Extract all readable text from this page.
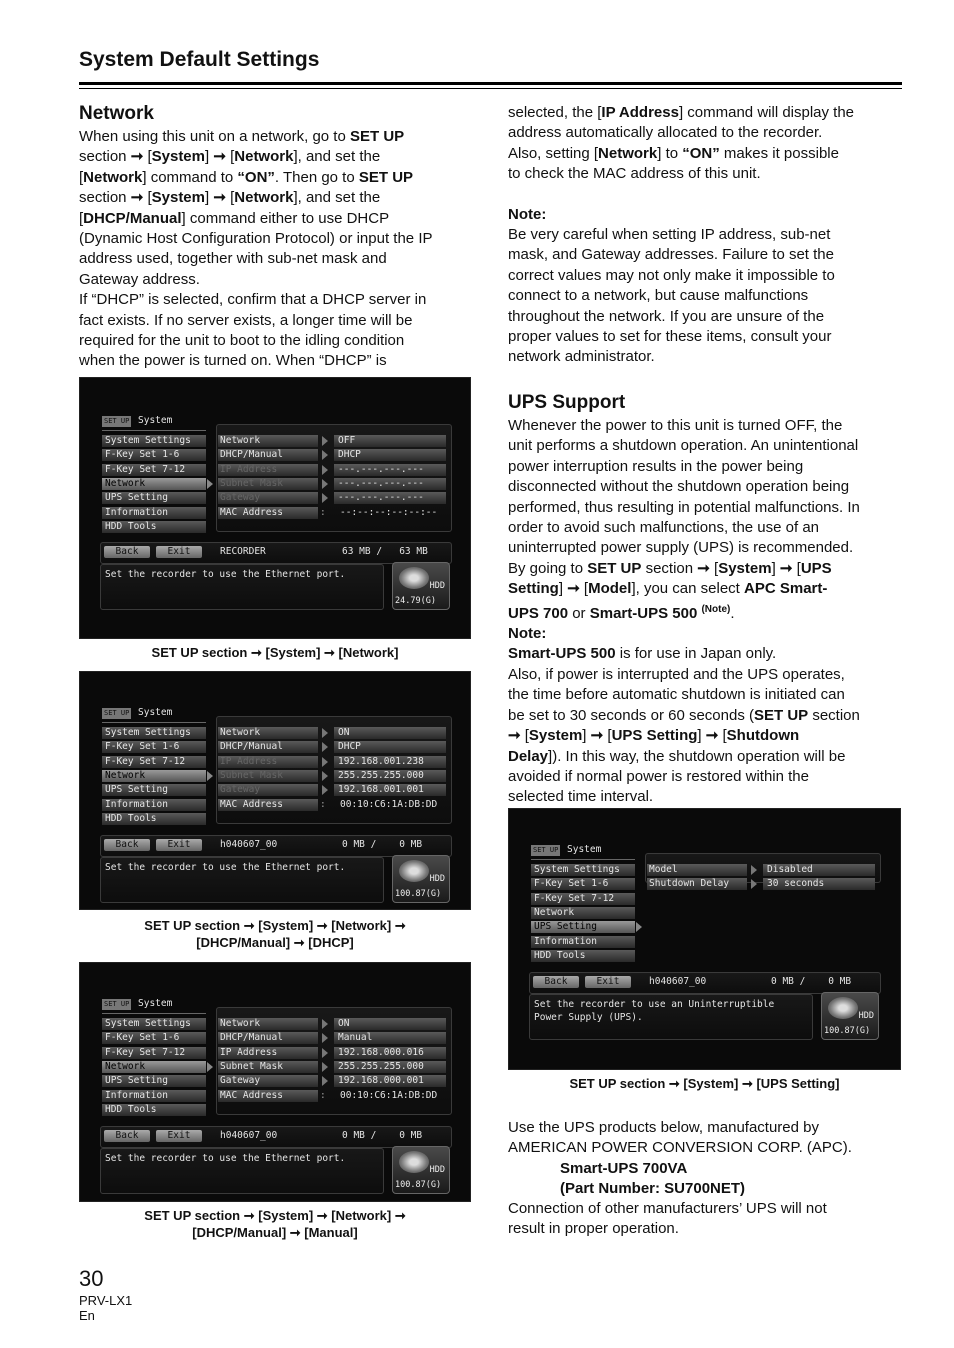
System Default Settings
Network
When using this unit on a network, go to SET UP
section ➞ [System] ➞ [Network], and set the
[Network] command to “ON”. Then go to SET UP
section ➞ [System] ➞ [Network], and set the
[DHCP/Manual] command either to use DHCP
(Dynamic Host Configuration Protocol) or input the IP
address used, together with sub-net mask and
Gateway address.
If “DHCP” is selected, confirm that a DHCP server in
fact exists. If no server exists, a longer time will be
required for the unit to boot to the idling condition
when the power is turned on. When “DHCP” is
SET UP System
System Settings
F-Key Set 1-6
F-Key Set 7-12
Network
UPS Setting
Information
HDD Tools
Network	OFF
DHCP/Manual	DHCP
IP Address	---.---.---.---
Subnet Mask	---.---.---.---
Gateway	---.---.---.---
MAC Address	: --:--:--:--:--:--
Back	Exit	RECORDER	63 MB /   63 MB
Set the recorder to use the Ethernet port.
HDD
24.79(G)
SET UP section ➞ [System] ➞ [Network]
SET UP System
System Settings
F-Key Set 1-6
F-Key Set 7-12
Network
UPS Setting
Information
HDD Tools
Network	ON
DHCP/Manual	DHCP
IP Address	192.168.001.238
Subnet Mask	255.255.255.000
Gateway	192.168.001.001
MAC Address	: 00:10:C6:1A:DB:DD
Back	Exit	h040607_00	0 MB /    0 MB
Set the recorder to use the Ethernet port.
HDD
100.87(G)
SET UP section ➞ [System] ➞ [Network] ➞
[DHCP/Manual] ➞ [DHCP]
SET UP System
System Settings
F-Key Set 1-6
F-Key Set 7-12
Network
UPS Setting
Information
HDD Tools
Network	ON
DHCP/Manual	Manual
IP Address	192.168.000.016
Subnet Mask	255.255.255.000
Gateway	192.168.000.001
MAC Address	: 00:10:C6:1A:DB:DD
Back	Exit	h040607_00	0 MB /    0 MB
Set the recorder to use the Ethernet port.
HDD
100.87(G)
SET UP section ➞ [System] ➞ [Network] ➞
[DHCP/Manual] ➞ [Manual]
selected, the [IP Address] command will display the
address automatically allocated to the recorder.
Also, setting [Network] to “ON” makes it possible
to check the MAC address of this unit.
Note:
Be very careful when setting IP address, sub-net
mask, and Gateway addresses. Failure to set the
correct values may not only make it impossible to
connect to a network, but cause malfunctions
throughout the network. If you are unsure of the
proper values to set for these items, consult your
network administrator.
UPS Support
Whenever the power to this unit is turned OFF, the
unit performs a shutdown operation. An unintentional
power interruption results in the power being
disconnected without the shutdown operation being
performed, thus resulting in potential malfunctions. In
order to avoid such malfunctions, the use of an
uninterrupted power supply (UPS) is recommended.
By going to SET UP section ➞ [System] ➞ [UPS
Setting] ➞ [Model], you can select APC Smart-
UPS 700 or Smart-UPS 500 $^{(Note)}$.
Note:
Smart-UPS 500 is for use in Japan only.
Also, if power is interrupted and the UPS operates,
the time before automatic shutdown is initiated can
be set to 30 seconds or 60 seconds (SET UP section
➞ [System] ➞ [UPS Setting] ➞ [Shutdown
Delay]). In this way, the shutdown operation will be
avoided if normal power is restored within the
selected time interval.
SET UP System
System Settings
F-Key Set 1-6
F-Key Set 7-12
Network
UPS Setting
Information
HDD Tools
Model	Disabled
Shutdown Delay	30 seconds
Back	Exit	h040607_00	0 MB /    0 MB
Set the recorder to use an Uninterruptible
Power Supply (UPS).	HDD
100.87(G)
SET UP section ➞ [System] ➞ [UPS Setting]
Use the UPS products below, manufactured by
AMERICAN POWER CONVERSION CORP. (APC).
Smart-UPS 700VA
(Part Number: SU700NET)
Connection of other manufacturers’ UPS will not
result in proper operation.
30
PRV-LX1
En
